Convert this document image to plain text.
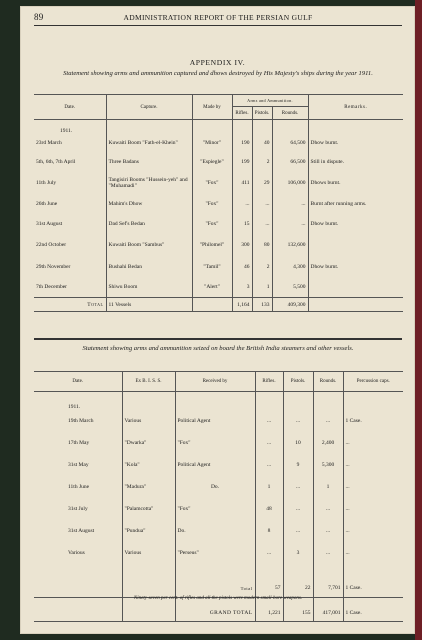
89	ADMINISTRATION REPORT OF THE PERSIAN GULF
APPENDIX IV.
Statement showing arms and ammunition captured and dhows destroyed by His Majesty's ships during the year 1911.
Date.	Capture.	Made by	Arms and Ammunition.			Remarks.
			Rifles.	Pistols.	Rounds.	
1911.						
23rd March	Kuwaiti Boom "Fath-el-Khein"	"Minor"	190	40	64,500	Dhow burnt.
5th, 6th, 7th April	Three Badans	"Espiegle"	199	2	66,500	Still in dispute.
11th July	Tangisiri Booms "Hussein-yeh" and "Muhamadi"	"Fox"	411	29	106,000	Dhows burnt.
26th June	Mahim's Dhow	"Fox"	...	...	...	Burnt after running arms.
31st August	Dad Sef's Bedan	"Fox"	15	...	...	Dhow burnt.
22nd October	Kuwaiti Boom "Sambus"	"Philomel"	300	80	132,600	
29th November	Bushahi Bedan	"Tamil"	46	2	4,300	Dhow burnt.
7th December	Shiwu Boom	"Alert"	3	1	5,500	
Total	11 Vessels		1,164	133	409,300	
Statement showing arms and ammunition seized on board the British India steamers and other vessels.
Date.	Ex B. I. S. S.	Received by	Rifles.	Pistols.	Rounds.	Percussion caps.
1911.						
19th March	Various	Political Agent	...	...	...	1 Case.
17th May	"Dwarka"	"Fox"	...	10	2,400	...
31st May	"Kola"	Political Agent	...	9	5,300	...
11th June	"Madura"	Do.	1	...	1	...
31st July	"Palamcotta"	"Fox"	48	...	...	...
31st August	"Pundua"	Do.	8	...	...	...
Various	Various	"Perseus"	...	3	...	...

		Total	57	22	7,701	1 Case.

		GRAND TOTAL	1,221	155	417,001	1 Case.
Ninety-seven per cent. of rifles and all the pistols were modern small-bore weapons.
